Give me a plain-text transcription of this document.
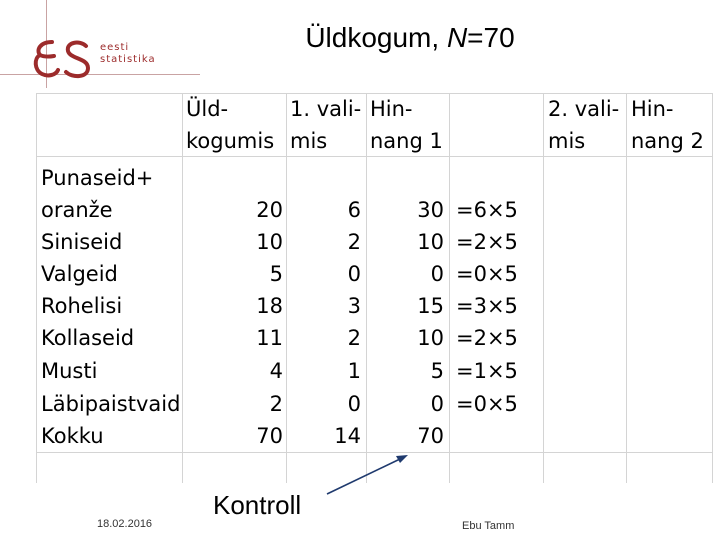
eesti
statistika
Üldkogum, N=70
Üld-
kogumis
1. vali-
mis
Hin-
nang 1
2. vali-
mis
Hin-
nang 2
Punaseid+
oranže
Siniseid
Valgeid
Rohelisi
Kollaseid
Musti
Läbipaistvaid
Kokku
20
10
5
18
11
4
2
70
6
2
0
3
2
1
0
14
30
10
0
15
10
5
0
70
=6×5
=2×5
=0×5
=3×5
=2×5
=1×5
=0×5
Kontroll
18.02.2016	Ebu Tamm
